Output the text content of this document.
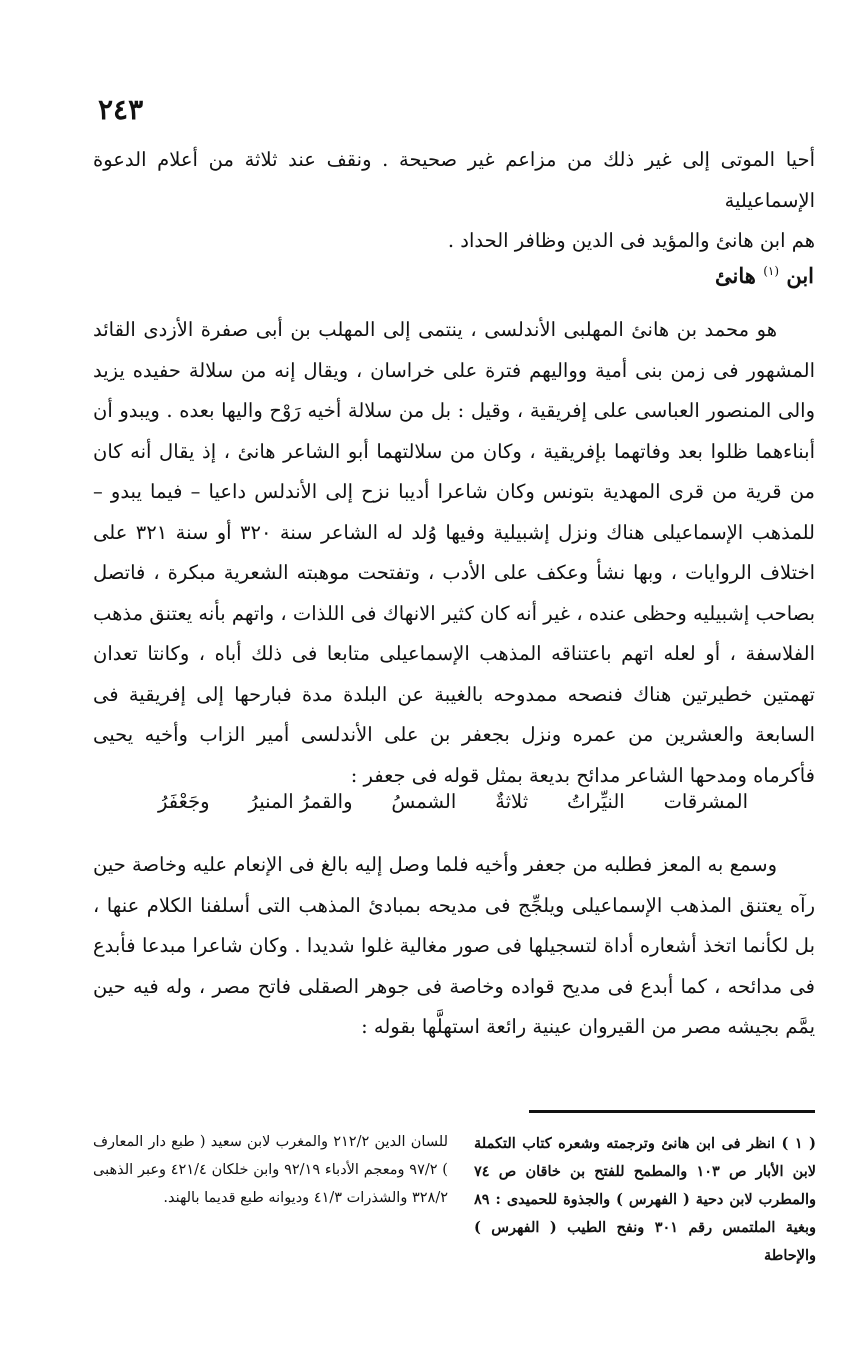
٢٤٣

أحيا الموتى إلى غير ذلك من مزاعم غير صحيحة . ونقف عند ثلاثة من أعلام الدعوة الإسماعيلية

هم ابن هانئ والمؤيد فى الدين وظافر الحداد .

ابن $^{(١)}$ هانئ

هو محمد بن هانئ المهلبى الأندلسى ، ينتمى إلى المهلب بن أبى صفرة الأزدى القائد المشهور فى زمن بنى أمية وواليهم فترة على خراسان ، ويقال إنه من سلالة حفيده يزيد والى المنصور العباسى على إفريقية ، وقيل : بل من سلالة أخيه رَوْح واليها بعده . ويبدو أن أبناءهما ظلوا بعد وفاتهما بإفريقية ، وكان من سلالتهما أبو الشاعر هانئ ، إذ يقال أنه كان من قرية من قرى المهدية بتونس وكان شاعرا أديبا نزح إلى الأندلس داعيا – فيما يبدو – للمذهب الإسماعيلى هناك ونزل إشبيلية وفيها وُلد له الشاعر سنة ٣٢٠ أو سنة ٣٢١ على اختلاف الروايات ، وبها نشأ وعكف على الأدب ، وتفتحت موهبته الشعرية مبكرة ، فاتصل بصاحب إشبيليه وحظى عنده ، غير أنه كان كثير الانهاك فى اللذات ، واتهم بأنه يعتنق مذهب الفلاسفة ، أو لعله اتهم باعتناقه المذهب الإسماعيلى متابعا فى ذلك أباه ، وكانتا تعدان تهمتين خطيرتين هناك فنصحه ممدوحه بالغيبة عن البلدة مدة فبارحها إلى إفريقية فى السابعة والعشرين من عمره ونزل بجعفر بن على الأندلسى أمير الزاب وأخيه يحيى فأكرماه ومدحها الشاعر مدائح بديعة بمثل قوله فى جعفر :

المشرقات
النيِّراتُ
ثلاثةٌ
الشمسُ
والقمرُ المنيرُ
وجَعْفَرُ

وسمع به المعز فطلبه من جعفر وأخيه فلما وصل إليه بالغ فى الإنعام عليه وخاصة حين رآه يعتنق المذهب الإسماعيلى ويلجِّج فى مديحه بمبادئ المذهب التى أسلفنا الكلام عنها ، بل لكأنما اتخذ أشعاره أداة لتسجيلها فى صور مغالية غلوا شديدا . وكان شاعرا مبدعا فأبدع فى مدائحه ، كما أبدع فى مديح قواده وخاصة فى جوهر الصقلى فاتح مصر ، وله فيه حين يمَّم بجيشه مصر من القيروان عينية رائعة استهلَّها بقوله :

( ١ ) انظر فى ابن هانئ وترجمته وشعره كتاب التكملة لابن الأبار ص ١٠٣ والمطمح للفتح بن خاقان ص ٧٤ والمطرب لابن دحية ( الفهرس ) والجذوة للحميدى : ٨٩ وبغية الملتمس رقم ٣٠١ ونفح الطيب ( الفهرس ) والإحاطة

للسان الدين ٢١٢/٢ والمغرب لابن سعيد ( طبع دار المعارف ) ٩٧/٢ ومعجم الأدباء ٩٢/١٩ وابن خلكان ٤٢١/٤ وعبر الذهبى ٣٢٨/٢ والشذرات ٤١/٣ وديوانه طبع قديما بالهند.
